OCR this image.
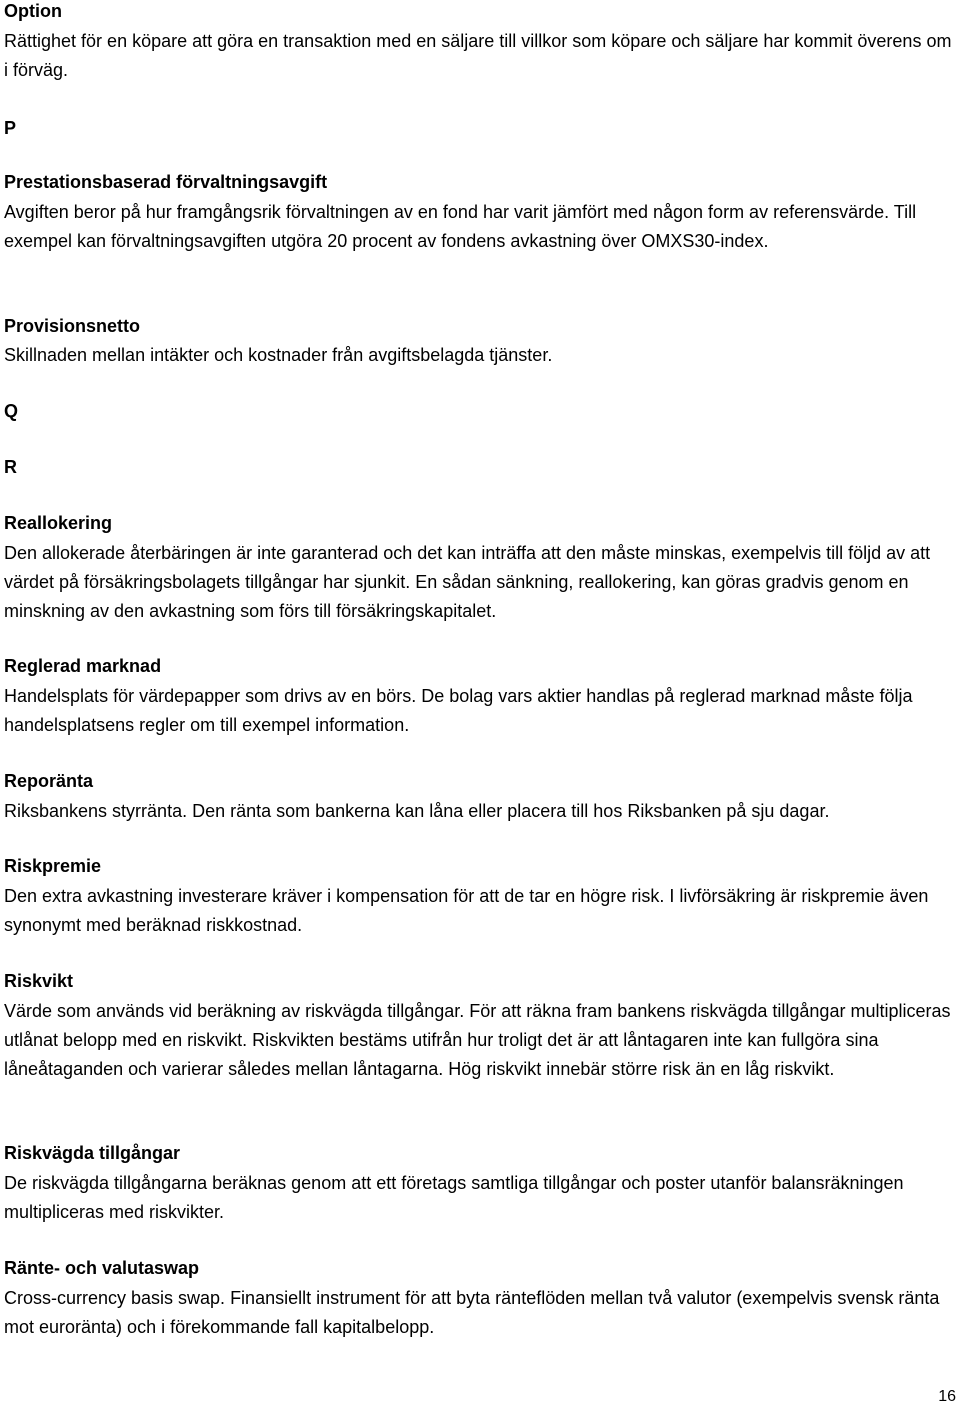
Option

Rättighet för en köpare att göra en transaktion med en säljare till villkor som köpare och säljare har kommit överens om i förväg.

P
Prestationsbaserad förvaltningsavgift

Avgiften beror på hur framgångsrik förvaltningen av en fond har varit jämfört med någon form av referensvärde. Till exempel kan förvaltningsavgiften utgöra 20 procent av fondens avkastning över OMXS30-index.

Provisionsnetto

Skillnaden mellan intäkter och kostnader från avgiftsbelagda tjänster.

Q
R
Reallokering

Den allokerade återbäringen är inte garanterad och det kan inträffa att den måste minskas, exempelvis till följd av att värdet på försäkringsbolagets tillgångar har sjunkit. En sådan sänkning, reallokering, kan göras gradvis genom en minskning av den avkastning som förs till försäkringskapitalet.

Reglerad marknad

Handelsplats för värdepapper som drivs av en börs. De bolag vars aktier handlas på reglerad marknad måste följa handelsplatsens regler om till exempel information.

Reporänta

Riksbankens styrränta. Den ränta som bankerna kan låna eller placera till hos Riksbanken på sju dagar.

Riskpremie

Den extra avkastning investerare kräver i kompensation för att de tar en högre risk. I livförsäkring är riskpremie även synonymt med beräknad riskkostnad.

Riskvikt

Värde som används vid beräkning av riskvägda tillgångar. För att räkna fram bankens riskvägda tillgångar multipliceras utlånat belopp med en riskvikt. Riskvikten bestäms utifrån hur troligt det är att låntagaren inte kan fullgöra sina låneåtaganden och varierar således mellan låntagarna. Hög riskvikt innebär större risk än en låg riskvikt.

Riskvägda tillgångar

De riskvägda tillgångarna beräknas genom att ett företags samtliga tillgångar och poster utanför balansräkningen multipliceras med riskvikter.

Ränte- och valutaswap

Cross-currency basis swap. Finansiellt instrument för att byta ränteflöden mellan två valutor (exempelvis svensk ränta mot euroränta) och i förekommande fall kapitalbelopp.

16
